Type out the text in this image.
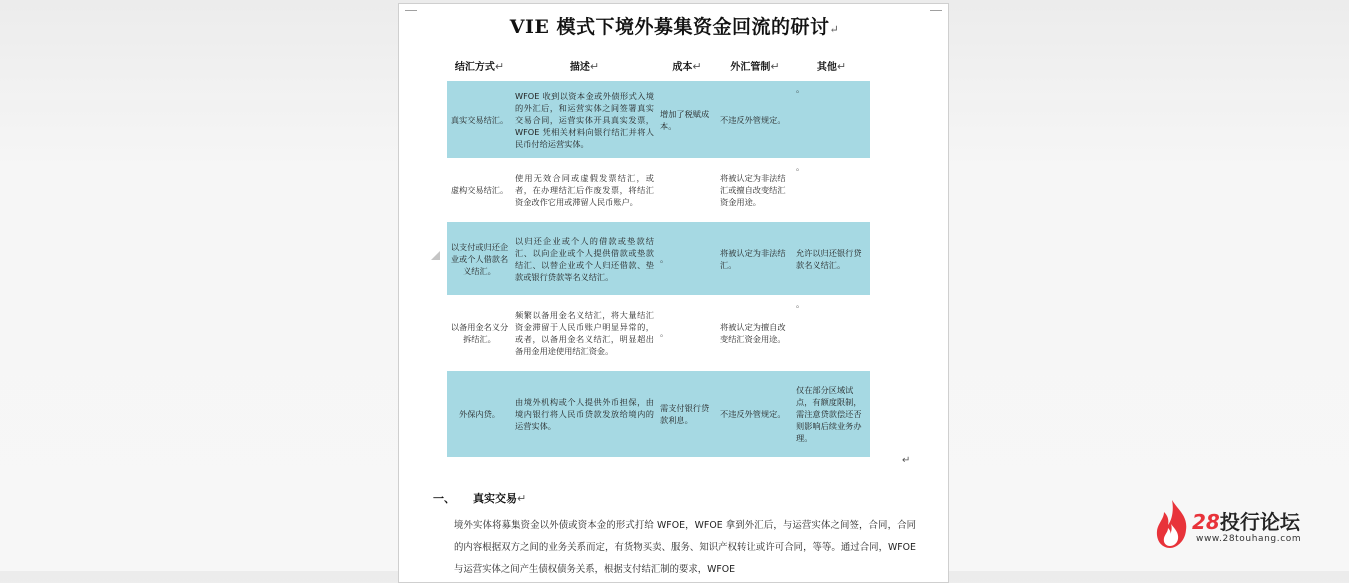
VIE 模式下境外募集资金回流的研讨↵
结汇方式↵	描述↵	成本↵	外汇管制↵	其他↵
真实交易结汇。	WFOE 收到以资本金或外债形式入境的外汇后，和运营实体之间签署真实交易合同，运营实体开具真实发票，WFOE 凭相关材料向银行结汇并将人民币付给运营实体。	增加了税赋成本。	不违反外管规定。	。
虚构交易结汇。	使用无效合同或虚假发票结汇，或者，在办理结汇后作废发票，将结汇资金改作它用或滞留人民币账户。		将被认定为非法结汇或擅自改变结汇资金用途。	。
以支付或归还企业或个人借款名义结汇。	以归还企业或个人的借款或垫款结汇、以向企业或个人提供借款或垫款结汇、以替企业或个人归还借款、垫款或银行贷款等名义结汇。	。	将被认定为非法结汇。	允许以归还银行贷款名义结汇。
以备用金名义分拆结汇。	频繁以备用金名义结汇，将大量结汇资金滞留于人民币账户明显异常的，或者，以备用金名义结汇，明显超出备用金用途使用结汇资金。	。	将被认定为擅自改变结汇资金用途。	。
外保内贷。	由境外机构或个人提供外币担保，由境内银行将人民币贷款发放给境内的运营实体。	需支付银行贷款利息。	不违反外管规定。	仅在部分区域试点，有额度限制，需注意贷款偿还否则影响后续业务办理。
一、 真实交易↵
境外实体将募集资金以外债或资本金的形式打给 WFOE，WFOE 拿到外汇后，与运营实体之间签，合同，合同的内容根据双方之间的业务关系而定，有货物买卖、服务、知识产权转让或许可合同，等等。通过合同，WFOE 与运营实体之间产生债权债务关系，根据支付结汇制的要求，WFOE
↵
28投行论坛
www.28touhang.com
